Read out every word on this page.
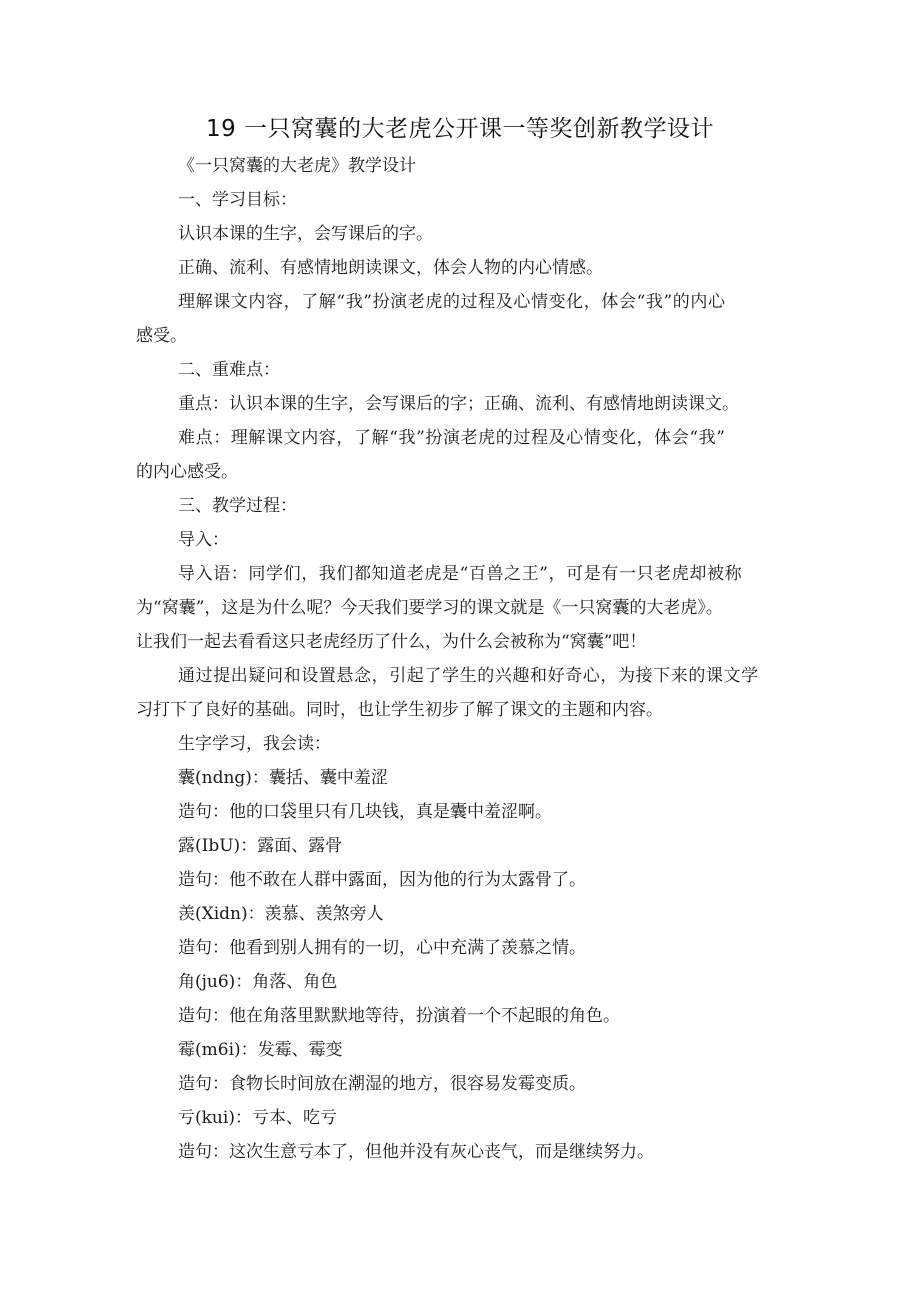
19 一只窝囊的大老虎公开课一等奖创新教学设计
《一只窝囊的大老虎》教学设计
一、学习目标：
认识本课的生字，会写课后的字。
正确、流利、有感情地朗读课文，体会人物的内心情感。
理解课文内容，了解“我”扮演老虎的过程及心情变化，体会“我”的内心
感受。
二、重难点：
重点：认识本课的生字，会写课后的字；正确、流利、有感情地朗读课文。
难点：理解课文内容，了解“我”扮演老虎的过程及心情变化，体会“我”
的内心感受。
三、教学过程：
导入：
导入语：同学们，我们都知道老虎是“百兽之王”，可是有一只老虎却被称
为“窝囊”，这是为什么呢？今天我们要学习的课文就是《一只窝囊的大老虎》。
让我们一起去看看这只老虎经历了什么，为什么会被称为“窝囊”吧！
通过提出疑问和设置悬念，引起了学生的兴趣和好奇心，为接下来的课文学
习打下了良好的基础。同时，也让学生初步了解了课文的主题和内容。
生字学习，我会读：
囊(ndng)：囊括、囊中羞涩
造句：他的口袋里只有几块钱，真是囊中羞涩啊。
露(IbU)：露面、露骨
造句：他不敢在人群中露面，因为他的行为太露骨了。
羡(Xidn)：羡慕、羡煞旁人
造句：他看到别人拥有的一切，心中充满了羡慕之情。
角(ju6)：角落、角色
造句：他在角落里默默地等待，扮演着一个不起眼的角色。
霉(m6i)：发霉、霉变
造句：食物长时间放在潮湿的地方，很容易发霉变质。
亏(kui)：亏本、吃亏
造句：这次生意亏本了，但他并没有灰心丧气，而是继续努力。
